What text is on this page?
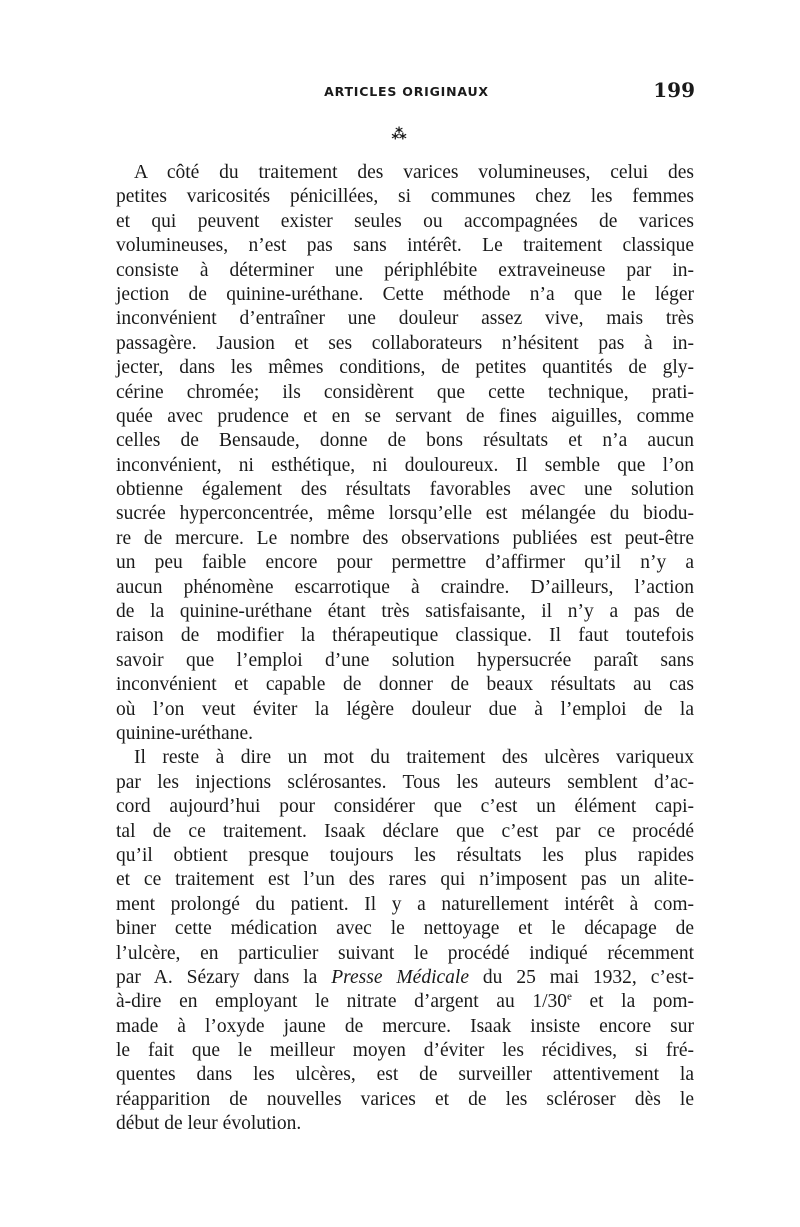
ARTICLES ORIGINAUX	199
⁂
A côté du traitement des varices volumineuses, celui des
petites varicosités pénicillées, si communes chez les femmes
et qui peuvent exister seules ou accompagnées de varices
volumineuses, n’est pas sans intérêt. Le traitement classique
consiste à déterminer une périphlébite extraveineuse par in-
jection de quinine-uréthane. Cette méthode n’a que le léger
inconvénient d’entraîner une douleur assez vive, mais très
passagère. Jausion et ses collaborateurs n’hésitent pas à in-
jecter, dans les mêmes conditions, de petites quantités de gly-
cérine chromée; ils considèrent que cette technique, prati-
quée avec prudence et en se servant de fines aiguilles, comme
celles de Bensaude, donne de bons résultats et n’a aucun
inconvénient, ni esthétique, ni douloureux. Il semble que l’on
obtienne également des résultats favorables avec une solution
sucrée hyperconcentrée, même lorsqu’elle est mélangée du biodu-
re de mercure. Le nombre des observations publiées est peut-être
un peu faible encore pour permettre d’affirmer qu’il n’y a
aucun phénomène escarrotique à craindre. D’ailleurs, l’action
de la quinine-uréthane étant très satisfaisante, il n’y a pas de
raison de modifier la thérapeutique classique. Il faut toutefois
savoir que l’emploi d’une solution hypersucrée paraît sans
inconvénient et capable de donner de beaux résultats au cas
où l’on veut éviter la légère douleur due à l’emploi de la
quinine-uréthane.
Il reste à dire un mot du traitement des ulcères variqueux
par les injections sclérosantes. Tous les auteurs semblent d’ac-
cord aujourd’hui pour considérer que c’est un élément capi-
tal de ce traitement. Isaak déclare que c’est par ce procédé
qu’il obtient presque toujours les résultats les plus rapides
et ce traitement est l’un des rares qui n’imposent pas un alite-
ment prolongé du patient. Il y a naturellement intérêt à com-
biner cette médication avec le nettoyage et le décapage de
l’ulcère, en particulier suivant le procédé indiqué récemment
par A. Sézary dans la Presse Médicale du 25 mai 1932, c’est-
à-dire en employant le nitrate d’argent au 1/30e et la pom-
made à l’oxyde jaune de mercure. Isaak insiste encore sur
le fait que le meilleur moyen d’éviter les récidives, si fré-
quentes dans les ulcères, est de surveiller attentivement la
réapparition de nouvelles varices et de les scléroser dès le
début de leur évolution.
